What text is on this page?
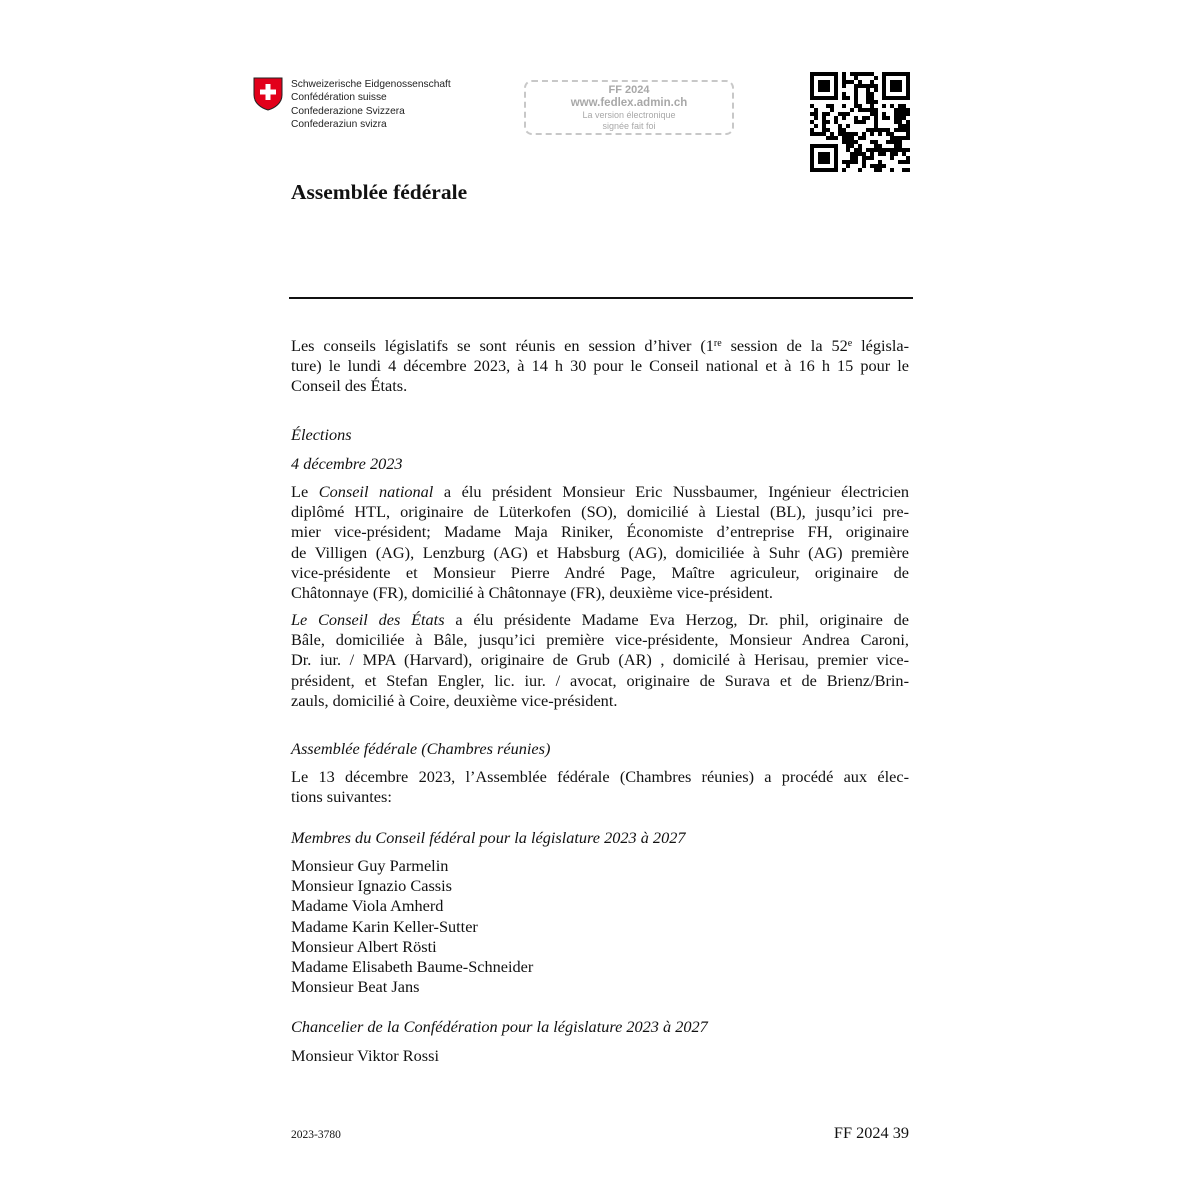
Schweizerische Eidgenossenschaft
Confédération suisse
Confederazione Svizzera
Confederaziun svizra
FF 2024
www.fedlex.admin.ch
La version électronique
signée fait foi
Assemblée fédérale
Les conseils législatifs se sont réunis en session d’hiver (1re session de la 52e législa-
ture) le lundi 4 décembre 2023, à 14 h 30 pour le Conseil national et à 16 h 15 pour le
Conseil des États.
Élections
4 décembre 2023
Le Conseil national a élu président Monsieur Eric Nussbaumer, Ingénieur électricien
diplômé HTL, originaire de Lüterkofen (SO), domicilié à Liestal (BL), jusqu’ici pre-
mier vice-président; Madame Maja Riniker, Économiste d’entreprise FH, originaire
de Villigen (AG), Lenzburg (AG) et Habsburg (AG), domiciliée à Suhr (AG) première
vice-présidente et Monsieur Pierre André Page, Maître agriculeur, originaire de
Châtonnaye (FR), domicilié à Châtonnaye (FR), deuxième vice-président.
Le Conseil des États a élu présidente Madame Eva Herzog, Dr. phil, originaire de
Bâle, domiciliée à Bâle, jusqu’ici première vice-présidente, Monsieur Andrea Caroni,
Dr. iur. / MPA (Harvard), originaire de Grub (AR) , domicilé à Herisau, premier vice-
président, et Stefan Engler, lic. iur. / avocat, originaire de Surava et de Brienz/Brin-
zauls, domicilié à Coire, deuxième vice-président.
Assemblée fédérale (Chambres réunies)
Le 13 décembre 2023, l’Assemblée fédérale (Chambres réunies) a procédé aux élec-
tions suivantes:
Membres du Conseil fédéral pour la législature 2023 à 2027
Monsieur Guy Parmelin
Monsieur Ignazio Cassis
Madame Viola Amherd
Madame Karin Keller-Sutter
Monsieur Albert Rösti
Madame Elisabeth Baume-Schneider
Monsieur Beat Jans
Chancelier de la Confédération pour la législature 2023 à 2027
Monsieur Viktor Rossi
2023-3780	FF 2024 39
